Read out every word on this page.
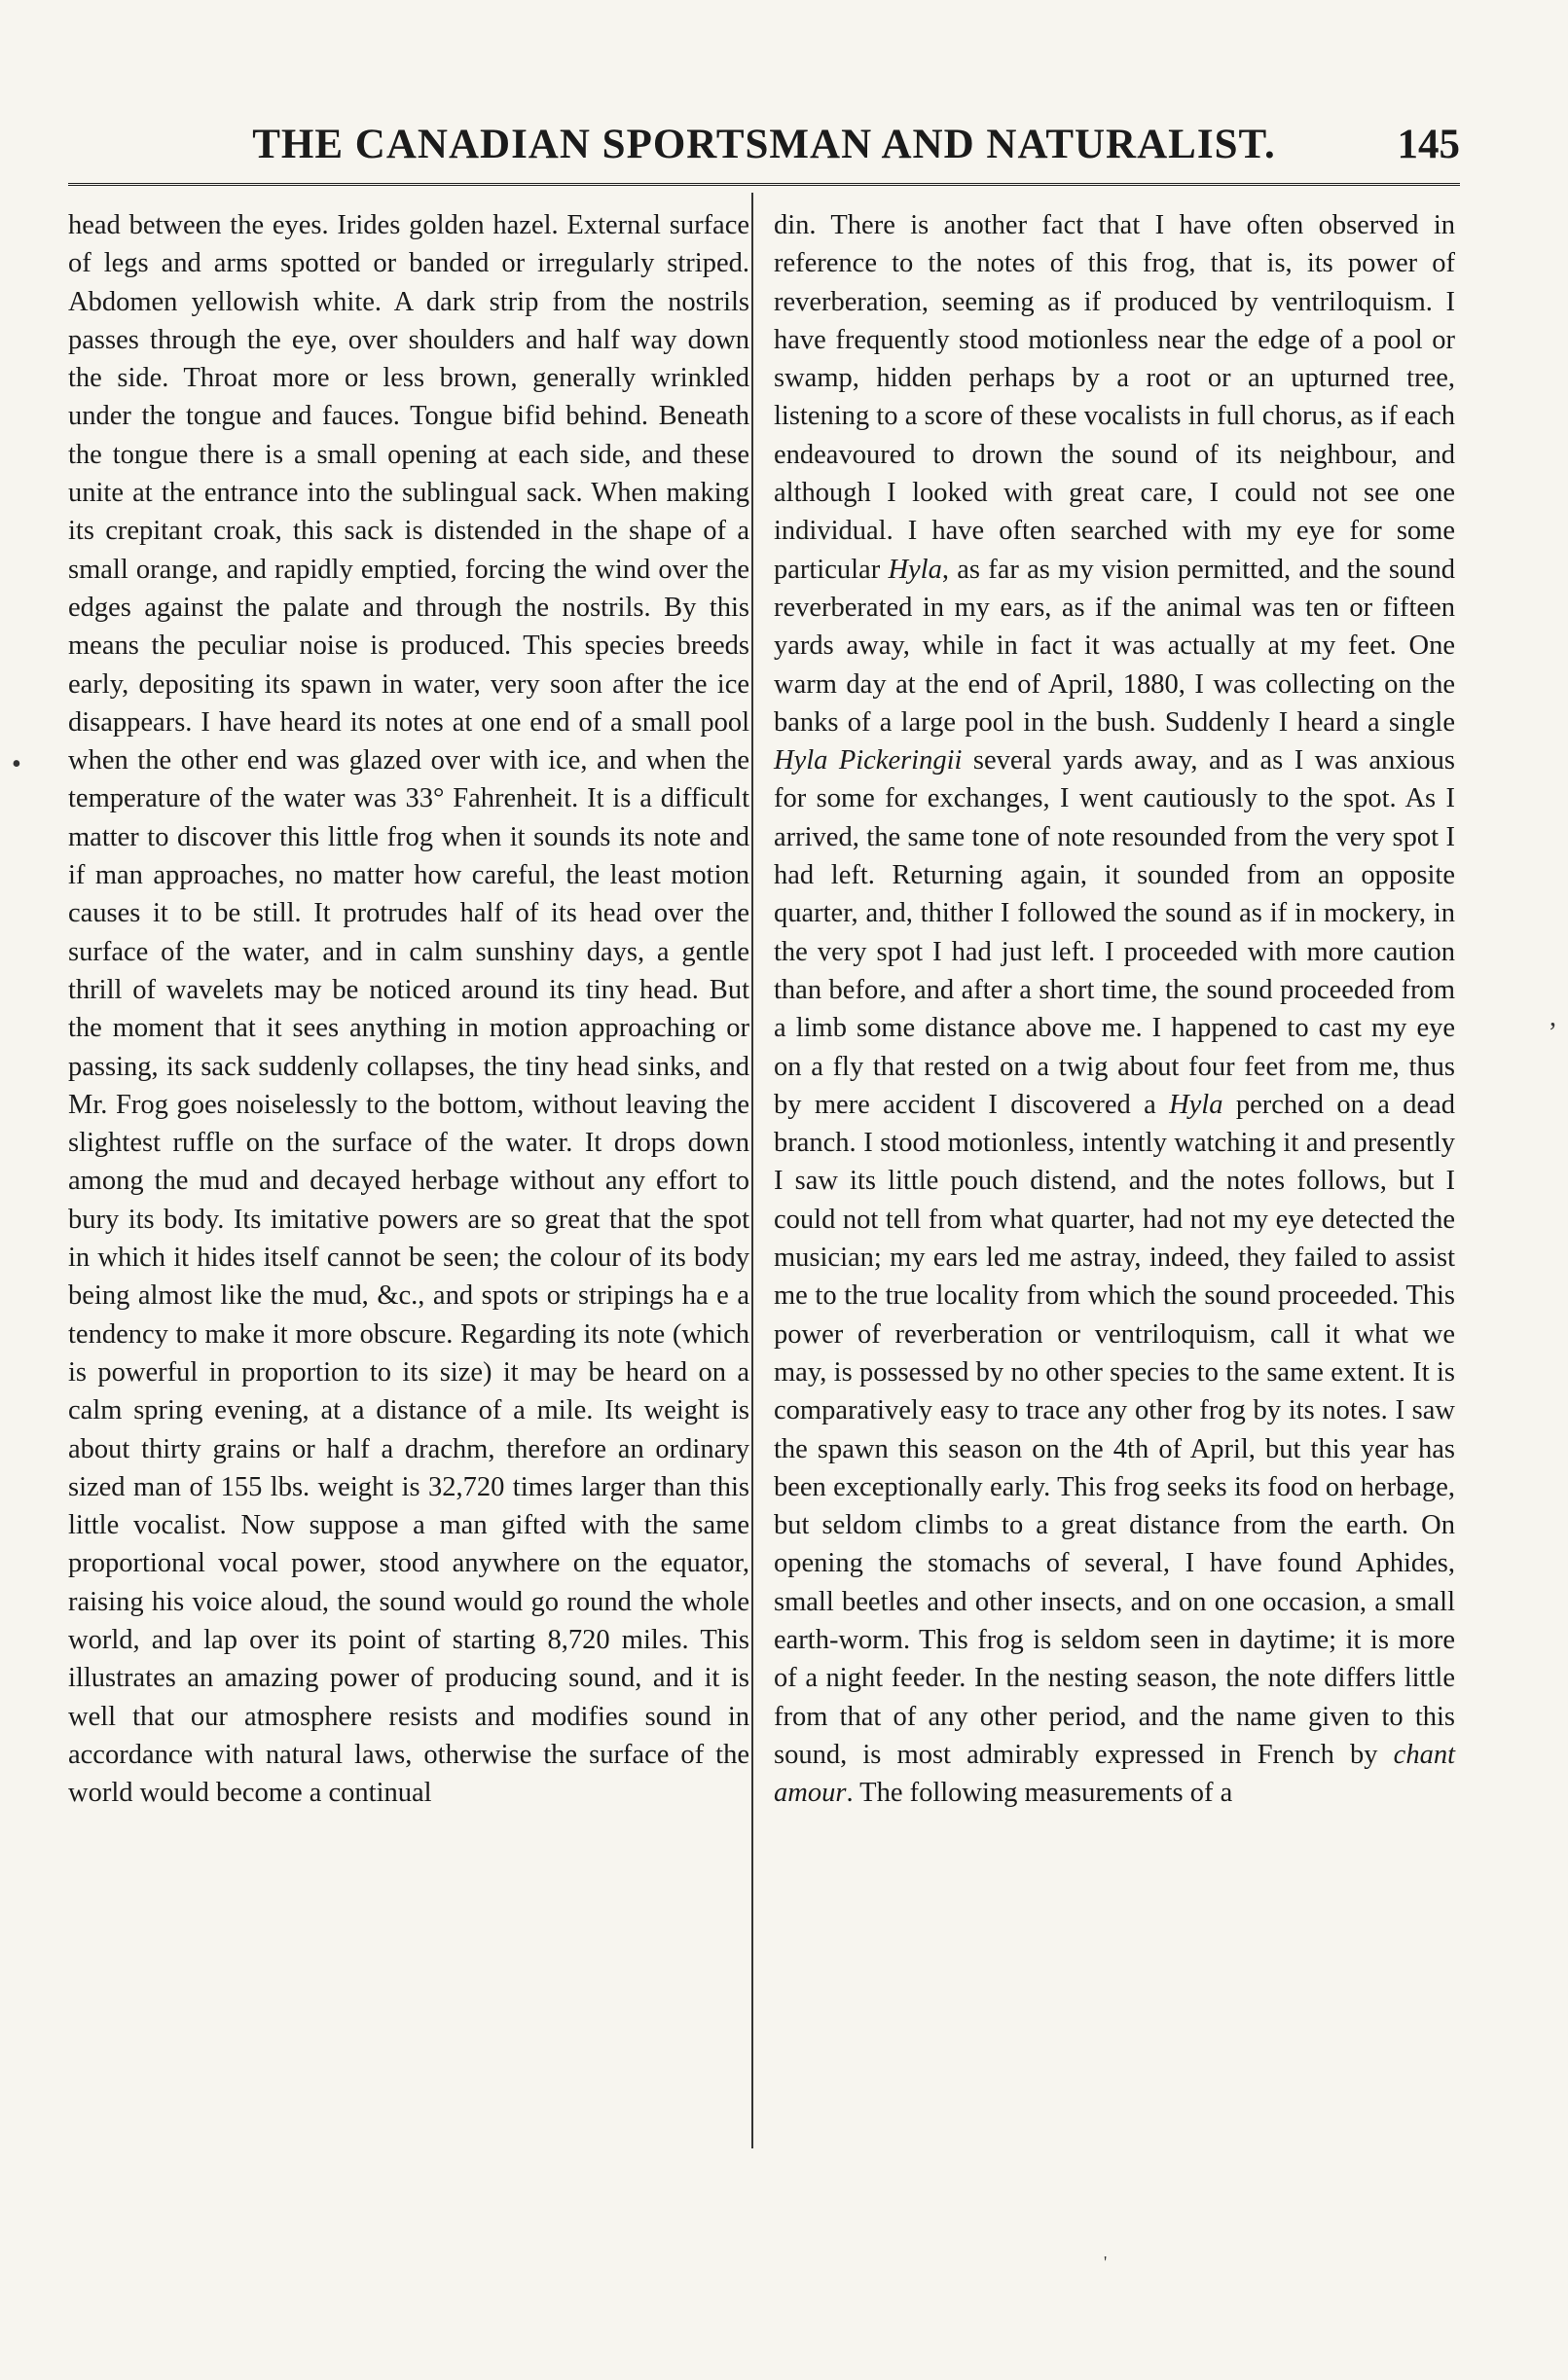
THE CANADIAN SPORTSMAN AND NATURALIST.	145

head between the eyes. Irides golden hazel. External surface of legs and arms spotted or banded or irregularly striped. Abdomen yellowish white. A dark strip from the nostrils passes through the eye, over shoulders and half way down the side. Throat more or less brown, generally wrinkled under the tongue and fauces. Tongue bifid behind. Beneath the tongue there is a small opening at each side, and these unite at the entrance into the sublingual sack. When making its crepitant croak, this sack is distended in the shape of a small orange, and rapidly emptied, forcing the wind over the edges against the palate and through the nostrils. By this means the peculiar noise is produced. This species breeds early, depositing its spawn in water, very soon after the ice disappears. I have heard its notes at one end of a small pool when the other end was glazed over with ice, and when the temperature of the water was 33° Fahrenheit. It is a difficult matter to discover this little frog when it sounds its note and if man approaches, no matter how careful, the least motion causes it to be still. It protrudes half of its head over the surface of the water, and in calm sunshiny days, a gentle thrill of wavelets may be noticed around its tiny head. But the moment that it sees anything in motion approaching or passing, its sack suddenly collapses, the tiny head sinks, and Mr. Frog goes noiselessly to the bottom, without leaving the slightest ruffle on the surface of the water. It drops down among the mud and decayed herbage without any effort to bury its body. Its imitative powers are so great that the spot in which it hides itself cannot be seen; the colour of its body being almost like the mud, &c., and spots or stripings ha e a tendency to make it more obscure. Regarding its note (which is powerful in proportion to its size) it may be heard on a calm spring evening, at a distance of a mile. Its weight is about thirty grains or half a drachm, therefore an ordinary sized man of 155 lbs. weight is 32,720 times larger than this little vocalist. Now suppose a man gifted with the same proportional vocal power, stood anywhere on the equator, raising his voice aloud, the sound would go round the whole world, and lap over its point of starting 8,720 miles. This illustrates an amazing power of producing sound, and it is well that our atmosphere resists and modifies sound in accordance with natural laws, otherwise the surface of the world would become a continual

din. There is another fact that I have often observed in reference to the notes of this frog, that is, its power of reverberation, seeming as if produced by ventriloquism. I have frequently stood motionless near the edge of a pool or swamp, hidden perhaps by a root or an upturned tree, listening to a score of these vocalists in full chorus, as if each endeavoured to drown the sound of its neighbour, and although I looked with great care, I could not see one individual. I have often searched with my eye for some particular Hyla, as far as my vision permitted, and the sound reverberated in my ears, as if the animal was ten or fifteen yards away, while in fact it was actually at my feet. One warm day at the end of April, 1880, I was collecting on the banks of a large pool in the bush. Suddenly I heard a single Hyla Pickeringii several yards away, and as I was anxious for some for exchanges, I went cautiously to the spot. As I arrived, the same tone of note resounded from the very spot I had left. Returning again, it sounded from an opposite quarter, and, thither I followed the sound as if in mockery, in the very spot I had just left. I proceeded with more caution than before, and after a short time, the sound proceeded from a limb some distance above me. I happened to cast my eye on a fly that rested on a twig about four feet from me, thus by mere accident I discovered a Hyla perched on a dead branch. I stood motionless, intently watching it and presently I saw its little pouch distend, and the notes follows, but I could not tell from what quarter, had not my eye detected the musician; my ears led me astray, indeed, they failed to assist me to the true locality from which the sound proceeded. This power of reverberation or ventriloquism, call it what we may, is possessed by no other species to the same extent. It is comparatively easy to trace any other frog by its notes. I saw the spawn this season on the 4th of April, but this year has been exceptionally early. This frog seeks its food on herbage, but seldom climbs to a great distance from the earth. On opening the stomachs of several, I have found Aphides, small beetles and other insects, and on one occasion, a small earth-worm. This frog is seldom seen in daytime; it is more of a night feeder. In the nesting season, the note differs little from that of any other period, and the name given to this sound, is most admirably expressed in French by chant amour. The following measurements of a

•
,
'
